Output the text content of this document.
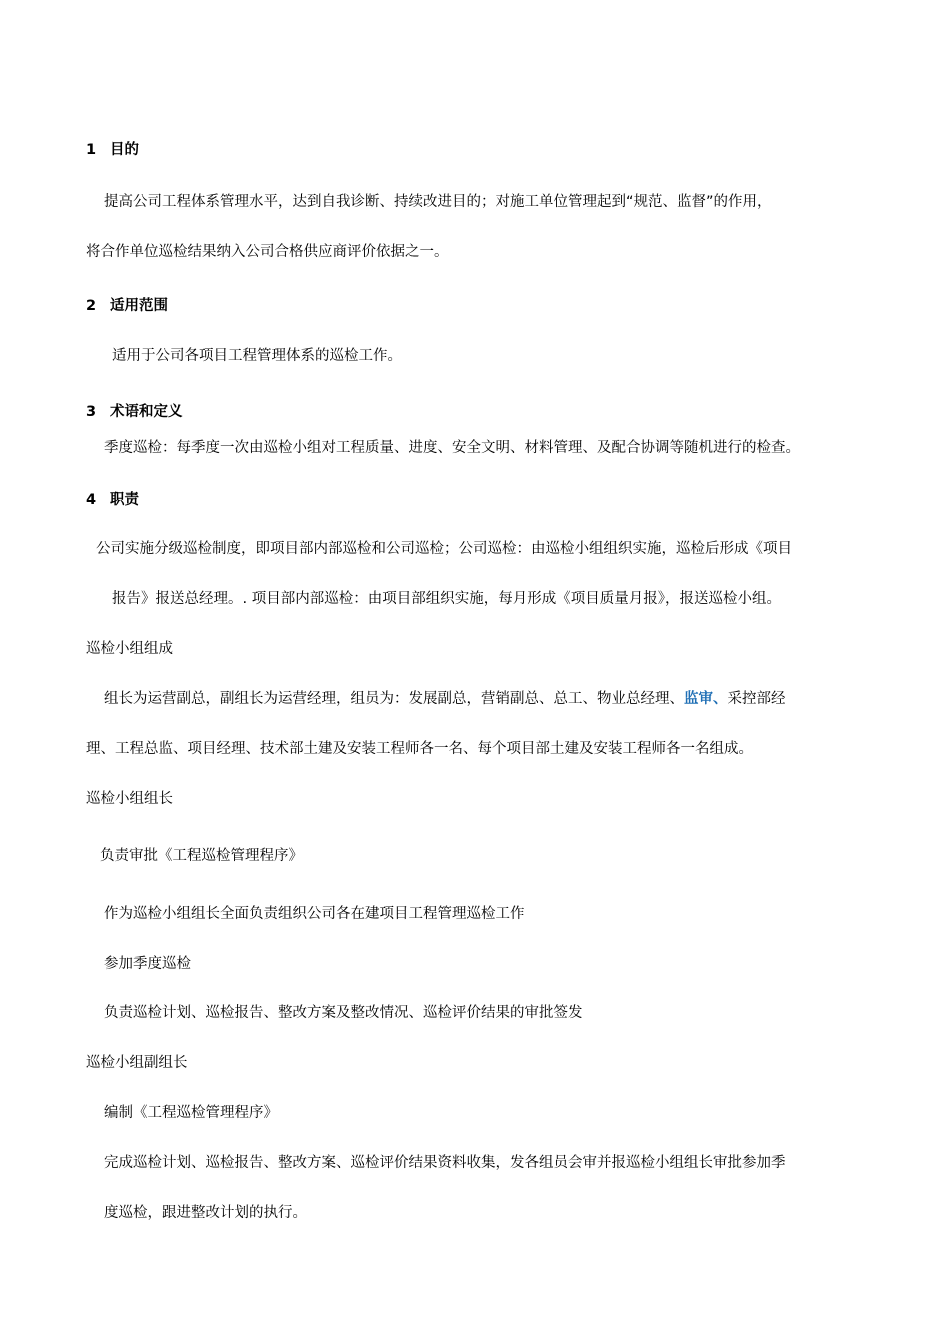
1 目的
提高公司工程体系管理水平，达到自我诊断、持续改进目的；对施工单位管理起到“规范、监督”的作用，
将合作单位巡检结果纳入公司合格供应商评价依据之一。
2 适用范围
适用于公司各项目工程管理体系的巡检工作。
3 术语和定义
季度巡检：每季度一次由巡检小组对工程质量、进度、安全文明、材料管理、及配合协调等随机进行的检查。
4 职责
公司实施分级巡检制度，即项目部内部巡检和公司巡检；公司巡检：由巡检小组组织实施，巡检后形成《项目
报告》报送总经理。. 项目部内部巡检：由项目部组织实施，每月形成《项目质量月报》，报送巡检小组。
巡检小组组成
组长为运营副总，副组长为运营经理，组员为：发展副总，营销副总、总工、物业总经理、监审、采控部经
理、工程总监、项目经理、技术部土建及安装工程师各一名、每个项目部土建及安装工程师各一名组成。
巡检小组组长
负责审批《工程巡检管理程序》
作为巡检小组组长全面负责组织公司各在建项目工程管理巡检工作
参加季度巡检
负责巡检计划、巡检报告、整改方案及整改情况、巡检评价结果的审批签发
巡检小组副组长
编制《工程巡检管理程序》
完成巡检计划、巡检报告、整改方案、巡检评价结果资料收集，发各组员会审并报巡检小组组长审批参加季
度巡检，跟进整改计划的执行。
